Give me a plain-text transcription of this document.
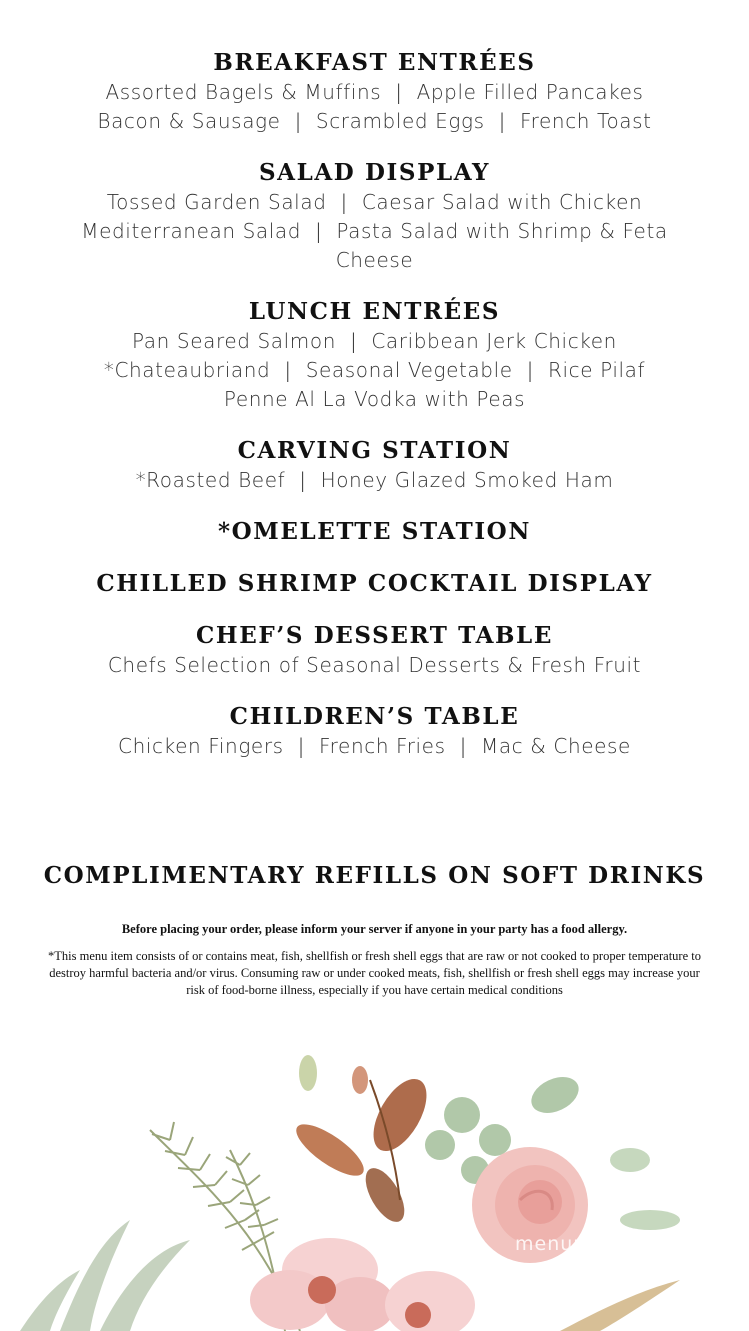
BREAKFAST ENTRÉES
Assorted Bagels & Muffins | Apple Filled Pancakes
Bacon & Sausage | Scrambled Eggs | French Toast
SALAD DISPLAY
Tossed Garden Salad | Caesar Salad with Chicken
Mediterranean Salad | Pasta Salad with Shrimp & Feta
Cheese
LUNCH ENTRÉES
Pan Seared Salmon | Caribbean Jerk Chicken
*Chateaubriand | Seasonal Vegetable | Rice Pilaf
Penne Al La Vodka with Peas
CARVING STATION
*Roasted Beef | Honey Glazed Smoked Ham
*OMELETTE STATION
CHILLED SHRIMP COCKTAIL DISPLAY
CHEF’S DESSERT TABLE
Chefs Selection of Seasonal Desserts & Fresh Fruit
CHILDREN’S TABLE
Chicken Fingers | French Fries | Mac & Cheese
COMPLIMENTARY REFILLS ON SOFT DRINKS
Before placing your order, please inform your server if anyone in your party has a food allergy.
*This menu item consists of or contains meat, fish, shellfish or fresh shell eggs that are raw or not cooked to proper temperature to destroy harmful bacteria and/or virus. Consuming raw or under cooked meats, fish, shellfish or fresh shell eggs may increase your risk of food-borne illness, especially if you have certain medical conditions
menupix
